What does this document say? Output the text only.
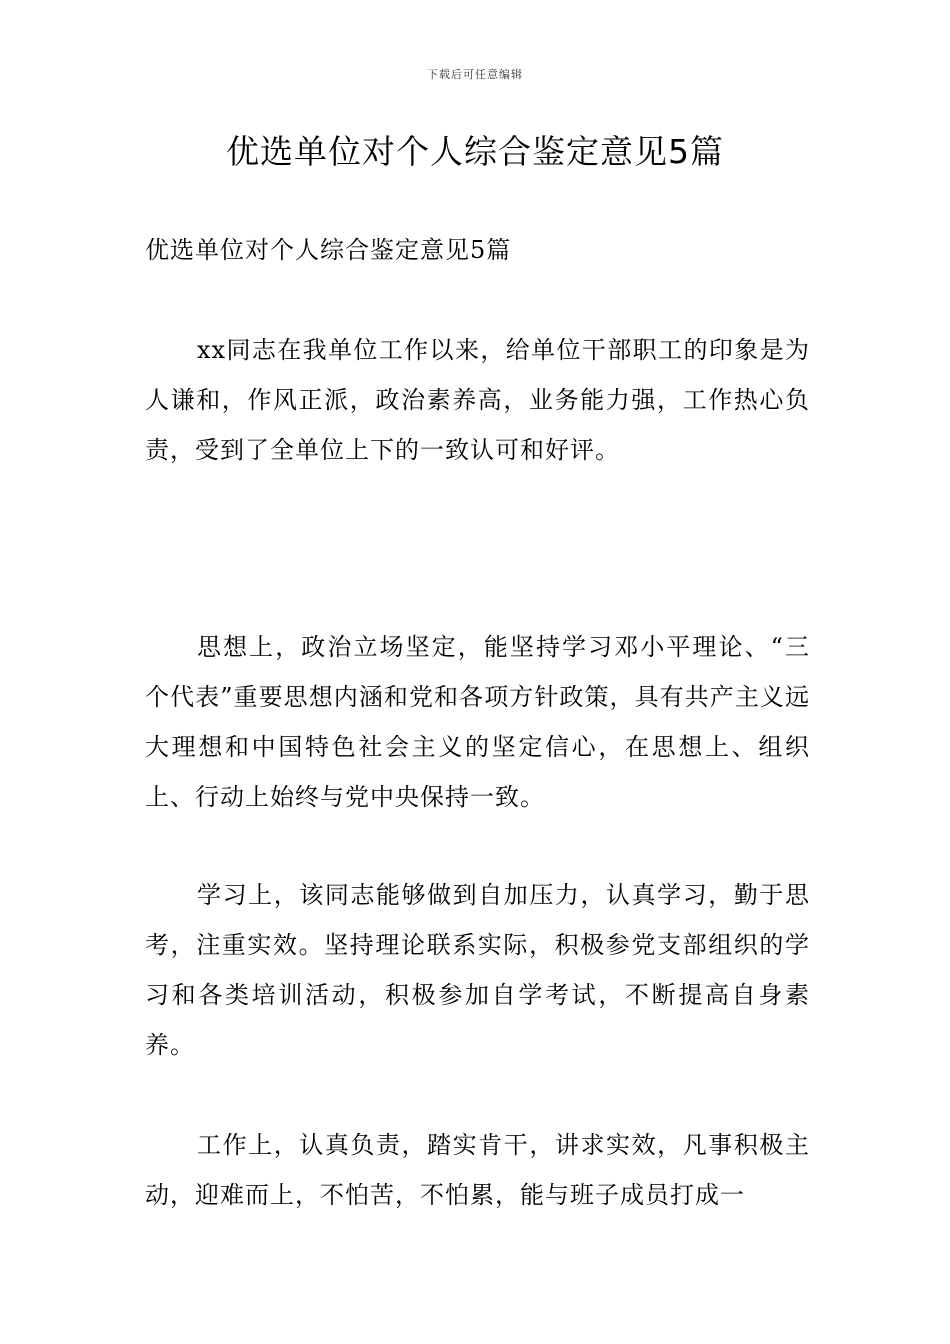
下载后可任意编辑
优选单位对个人综合鉴定意见5篇

优选单位对个人综合鉴定意见5篇

xx同志在我单位工作以来，给单位干部职工的印象是为人谦和，作风正派，政治素养高，业务能力强，工作热心负责，受到了全单位上下的一致认可和好评。

思想上，政治立场坚定，能坚持学习邓小平理论、“三个代表”重要思想内涵和党和各项方针政策，具有共产主义远大理想和中国特色社会主义的坚定信心，在思想上、组织上、行动上始终与党中央保持一致。

学习上，该同志能够做到自加压力，认真学习，勤于思考，注重实效。坚持理论联系实际，积极参党支部组织的学习和各类培训活动，积极参加自学考试，不断提高自身素养。

工作上，认真负责，踏实肯干，讲求实效，凡事积极主动，迎难而上，不怕苦，不怕累，能与班子成员打成一
